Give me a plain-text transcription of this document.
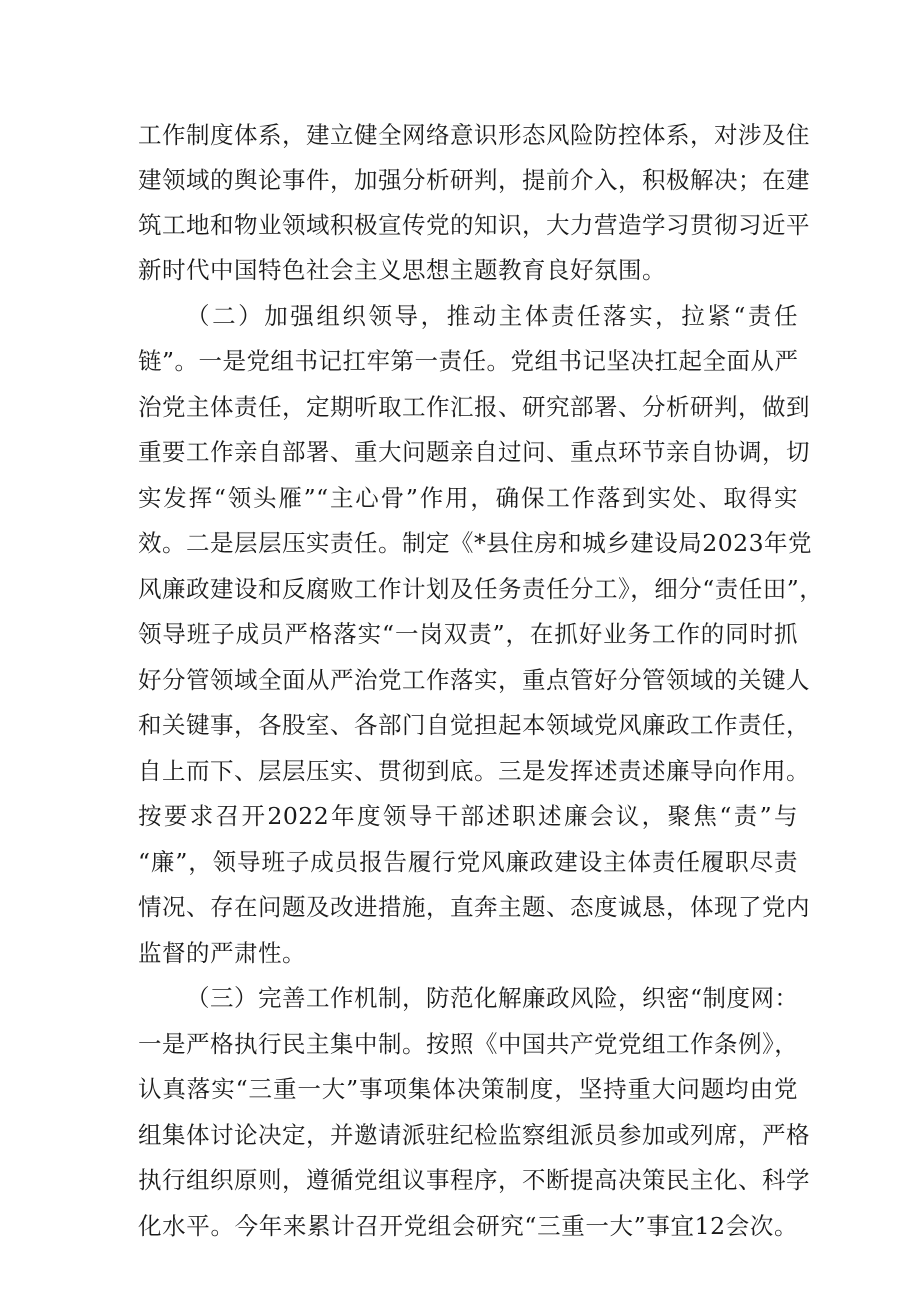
工作制度体系，建立健全网络意识形态风险防控体系，对涉及住
建领域的舆论事件，加强分析研判，提前介入，积极解决；在建
筑工地和物业领域积极宣传党的知识，大力营造学习贯彻习近平
新时代中国特色社会主义思想主题教育良好氛围。
（二）加强组织领导，推动主体责任落实，拉紧“责任
链”。一是党组书记扛牢第一责任。党组书记坚决扛起全面从严
治党主体责任，定期听取工作汇报、研究部署、分析研判，做到
重要工作亲自部署、重大问题亲自过问、重点环节亲自协调，切
实发挥“领头雁”“主心骨”作用，确保工作落到实处、取得实
效。二是层层压实责任。制定《*县住房和城乡建设局2023年党
风廉政建设和反腐败工作计划及任务责任分工》，细分“责任田”，
领导班子成员严格落实“一岗双责”，在抓好业务工作的同时抓
好分管领域全面从严治党工作落实，重点管好分管领域的关键人
和关键事，各股室、各部门自觉担起本领域党风廉政工作责任，
自上而下、层层压实、贯彻到底。三是发挥述责述廉导向作用。
按要求召开2022年度领导干部述职述廉会议，聚焦“责”与
“廉”，领导班子成员报告履行党风廉政建设主体责任履职尽责
情况、存在问题及改进措施，直奔主题、态度诚恳，体现了党内
监督的严肃性。
（三）完善工作机制，防范化解廉政风险，织密“制度网：
一是严格执行民主集中制。按照《中国共产党党组工作条例》，
认真落实“三重一大”事项集体决策制度，坚持重大问题均由党
组集体讨论决定，并邀请派驻纪检监察组派员参加或列席，严格
执行组织原则，遵循党组议事程序，不断提高决策民主化、科学
化水平。今年来累计召开党组会研究“三重一大”事宜12会次。
